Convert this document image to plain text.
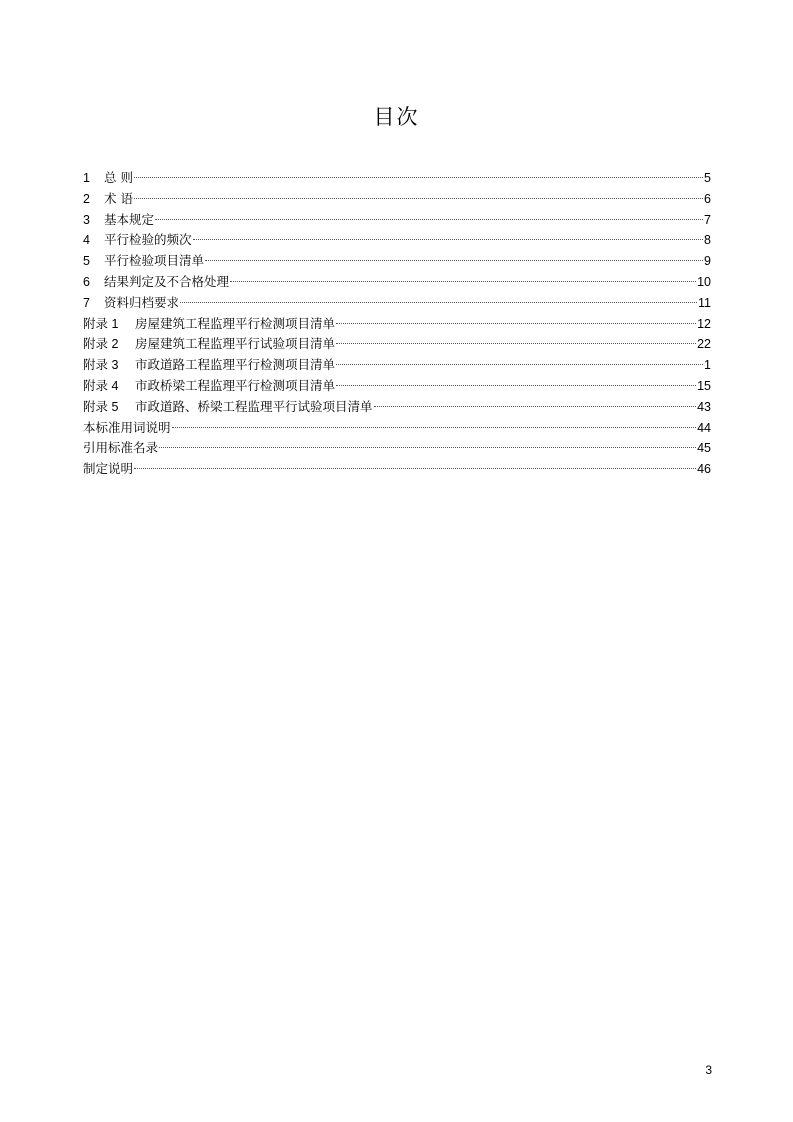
目次
1	总 则	5
2	术 语	6
3	基本规定	7
4	平行检验的频次	8
5	平行检验项目清单	9
6	结果判定及不合格处理	10
7	资料归档要求	11
附录 1	房屋建筑工程监理平行检测项目清单	12
附录 2	房屋建筑工程监理平行试验项目清单	22
附录 3	市政道路工程监理平行检测项目清单	1
附录 4	市政桥梁工程监理平行检测项目清单	15
附录 5	市政道路、桥梁工程监理平行试验项目清单	43
本标准用词说明	44
引用标准名录	45
制定说明	46
3
